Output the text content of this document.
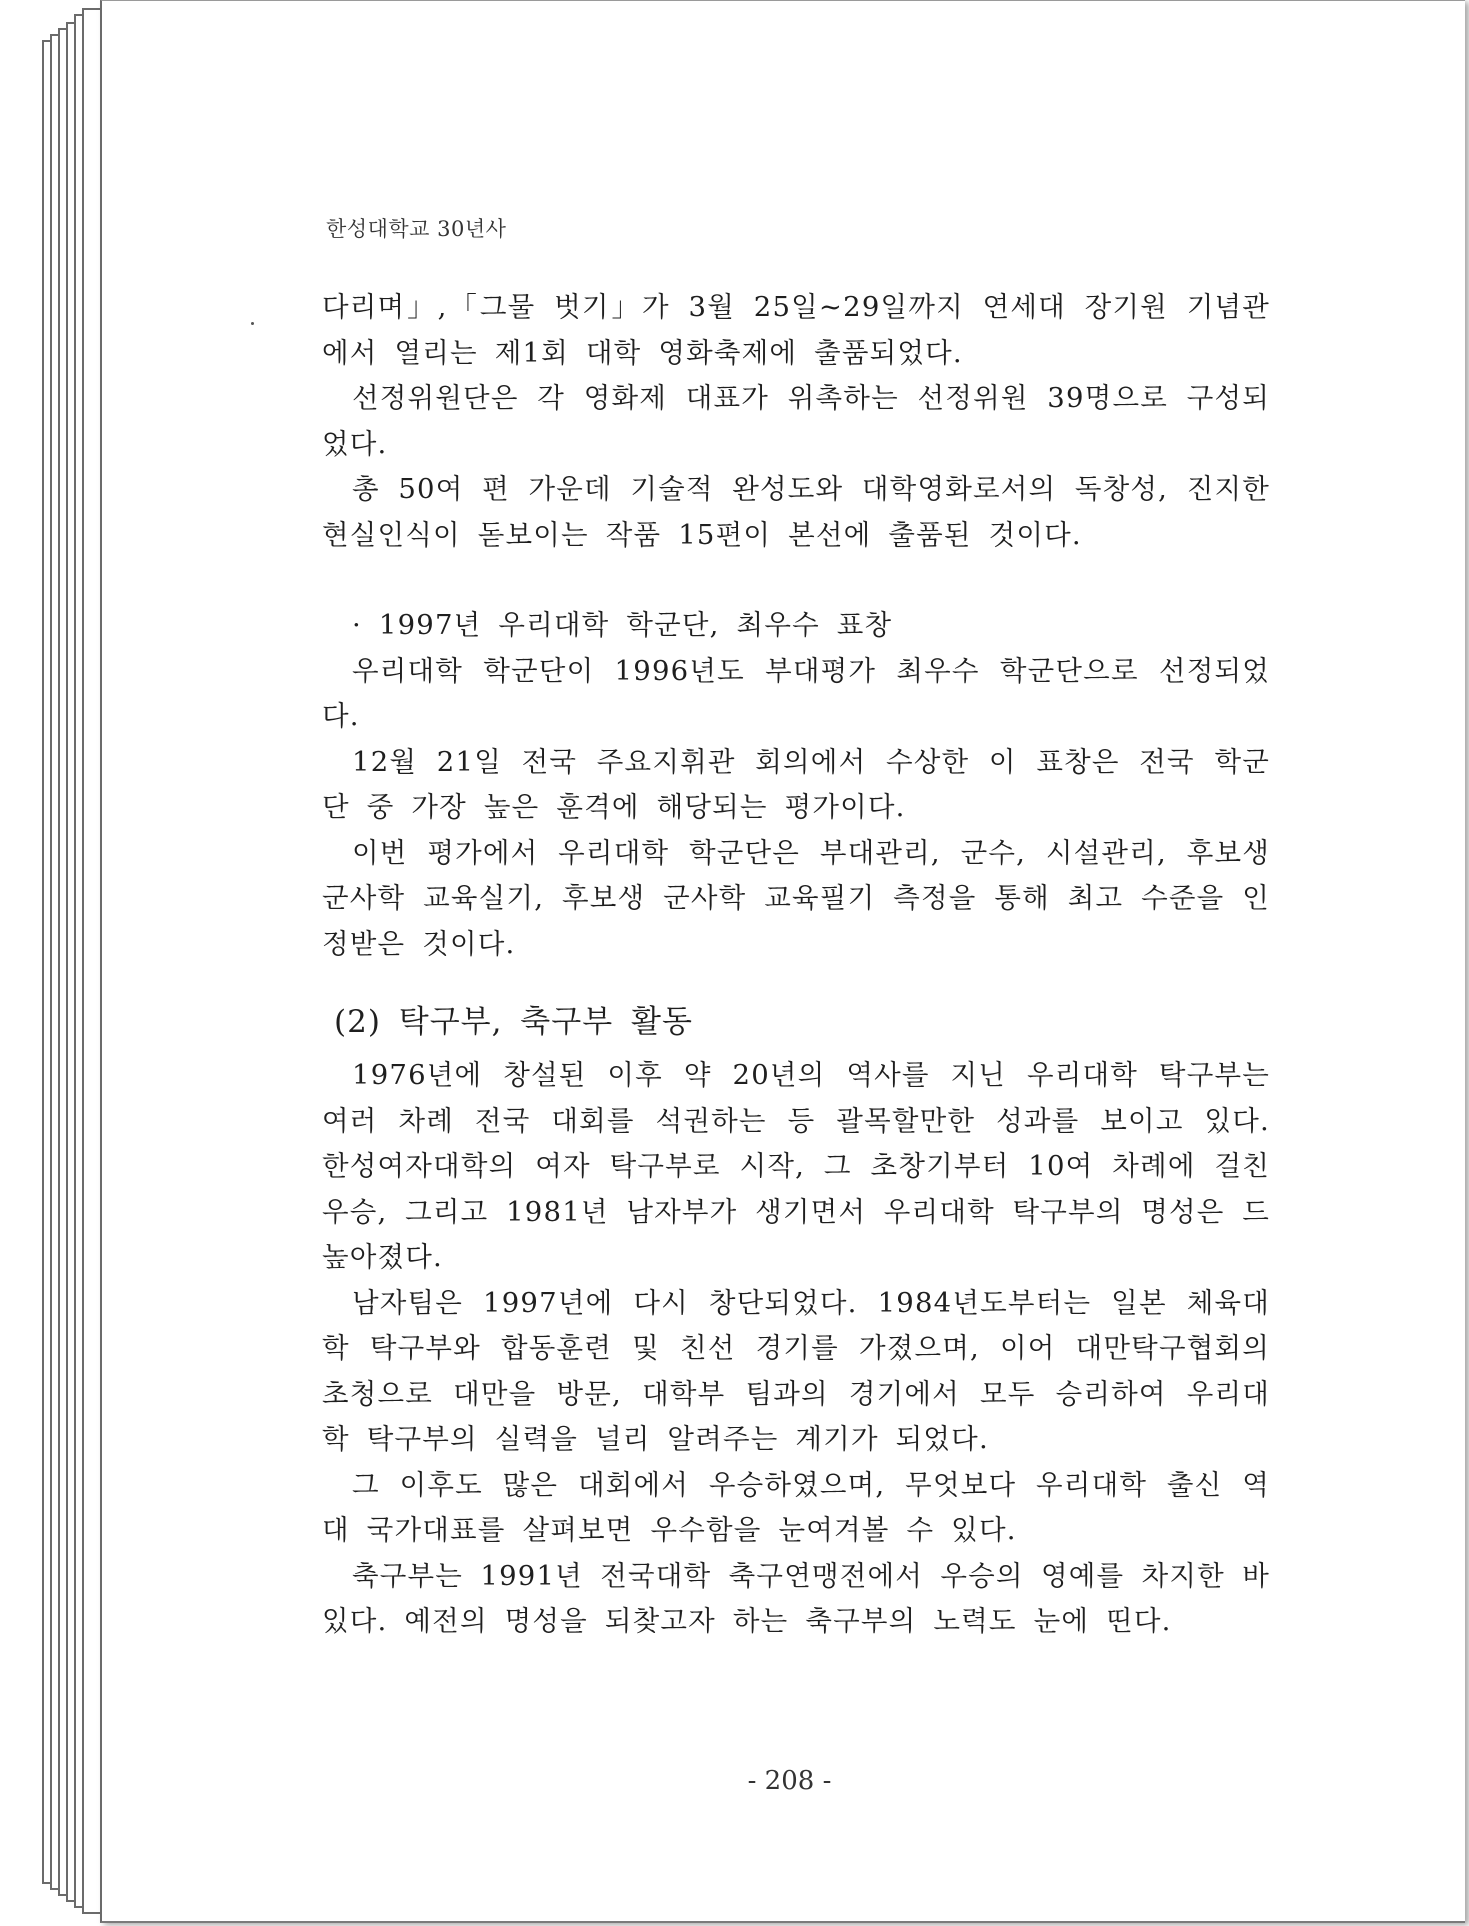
한성대학교 30년사

다리며」,「그물 벗기」가 3월 25일~29일까지 연세대 장기원 기념관에서 열리는 제1회 대학 영화축제에 출품되었다.

선정위원단은 각 영화제 대표가 위촉하는 선정위원 39명으로 구성되었다.

총 50여 편 가운데 기술적 완성도와 대학영화로서의 독창성, 진지한 현실인식이 돋보이는 작품 15편이 본선에 출품된 것이다.

· 1997년 우리대학 학군단, 최우수 표창

우리대학 학군단이 1996년도 부대평가 최우수 학군단으로 선정되었다.

12월 21일 전국 주요지휘관 회의에서 수상한 이 표창은 전국 학군단 중 가장 높은 훈격에 해당되는 평가이다.

이번 평가에서 우리대학 학군단은 부대관리, 군수, 시설관리, 후보생 군사학 교육실기, 후보생 군사학 교육필기 측정을 통해 최고 수준을 인정받은 것이다.

(2) 탁구부, 축구부 활동

1976년에 창설된 이후 약 20년의 역사를 지닌 우리대학 탁구부는 여러 차례 전국 대회를 석권하는 등 괄목할만한 성과를 보이고 있다. 한성여자대학의 여자 탁구부로 시작, 그 초창기부터 10여 차례에 걸친 우승, 그리고 1981년 남자부가 생기면서 우리대학 탁구부의 명성은 드높아졌다.

남자팀은 1997년에 다시 창단되었다. 1984년도부터는 일본 체육대학 탁구부와 합동훈련 및 친선 경기를 가졌으며, 이어 대만탁구협회의 초청으로 대만을 방문, 대학부 팀과의 경기에서 모두 승리하여 우리대학 탁구부의 실력을 널리 알려주는 계기가 되었다.

그 이후도 많은 대회에서 우승하였으며, 무엇보다 우리대학 출신 역대 국가대표를 살펴보면 우수함을 눈여겨볼 수 있다.

축구부는 1991년 전국대학 축구연맹전에서 우승의 영예를 차지한 바 있다. 예전의 명성을 되찾고자 하는 축구부의 노력도 눈에 띤다.

- 208 -
